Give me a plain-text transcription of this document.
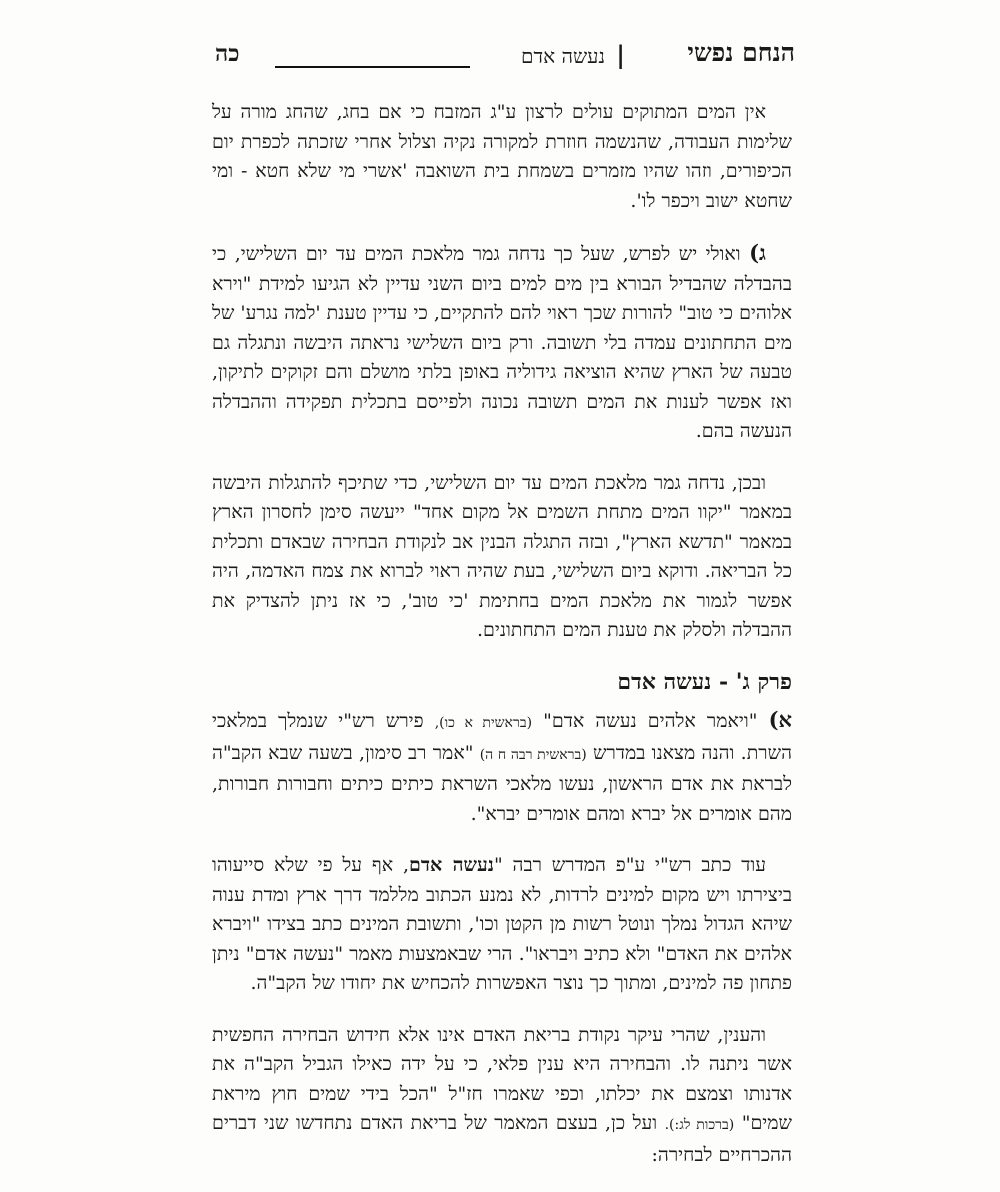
הנחם נפשי
|
נעשה אדם
כה

אין המים המתוקים עולים לרצון ע"ג המזבח כי אם בחג, שהחג מורה על שלימות העבודה, שהנשמה חוזרת למקורה נקיה וצלול אחרי שזכתה לכפרת יום הכיפורים, וזהו שהיו מזמרים בשמחת בית השואבה 'אשרי מי שלא חטא - ומי שחטא ישוב ויכפר לו'.

ג) ואולי יש לפרש, שעל כך נדחה גמר מלאכת המים עד יום השלישי, כי בהבדלה שהבדיל הבורא בין מים למים ביום השני עדיין לא הגיעו למידת "וירא אלוהים כי טוב" להורות שכך ראוי להם להתקיים, כי עדיין טענת 'למה נגרע' של מים התחתונים עמדה בלי תשובה. ורק ביום השלישי נראתה היבשה ונתגלה גם טבעה של הארץ שהיא הוציאה גידוליה באופן בלתי מושלם והם זקוקים לתיקון, ואז אפשר לענות את המים תשובה נכונה ולפייסם בתכלית תפקידה וההבדלה הנעשה בהם.

ובכן, נדחה גמר מלאכת המים עד יום השלישי, כדי שתיכף להתגלות היבשה במאמר "יקוו המים מתחת השמים אל מקום אחד" ייעשה סימן לחסרון הארץ במאמר "תדשא הארץ", ובזה התגלה הבנין אב לנקודת הבחירה שבאדם ותכלית כל הבריאה. ודוקא ביום השלישי, בעת שהיה ראוי לברוא את צמח האדמה, היה אפשר לגמור את מלאכת המים בחתימת 'כי טוב', כי אז ניתן להצדיק את ההבדלה ולסלק את טענת המים התחתונים.

פרק ג' - נעשה אדם

א) "ויאמר אלהים נעשה אדם" (בראשית א כו), פירש רש"י שנמלך במלאכי השרת. והנה מצאנו במדרש (בראשית רבה ח ה) "אמר רב סימון, בשעה שבא הקב"ה לבראת את אדם הראשון, נעשו מלאכי השראת כיתים כיתים וחבורות חבורות, מהם אומרים אל יברא ומהם אומרים יברא".

עוד כתב רש"י ע"פ המדרש רבה "נעשה אדם, אף על פי שלא סייעוהו ביצירתו ויש מקום למינים לרדות, לא נמנע הכתוב מללמד דרך ארץ ומדת ענוה שיהא הגדול נמלך ונוטל רשות מן הקטן וכו', ותשובת המינים כתב בצידו "ויברא אלהים את האדם" ולא כתיב ויבראו". הרי שבאמצעות מאמר "נעשה אדם" ניתן פתחון פה למינים, ומתוך כך נוצר האפשרות להכחיש את יחודו של הקב"ה.

והענין, שהרי עיקר נקודת בריאת האדם אינו אלא חידוש הבחירה החפשית אשר ניתנה לו. והבחירה היא ענין פלאי, כי על ידה כאילו הגביל הקב"ה את אדנותו וצמצם את יכלתו, וכפי שאמרו חז"ל "הכל בידי שמים חוץ מיראת שמים" (ברכות לג:). ועל כן, בעצם המאמר של בריאת האדם נתחדשו שני דברים ההכרחיים לבחירה:
